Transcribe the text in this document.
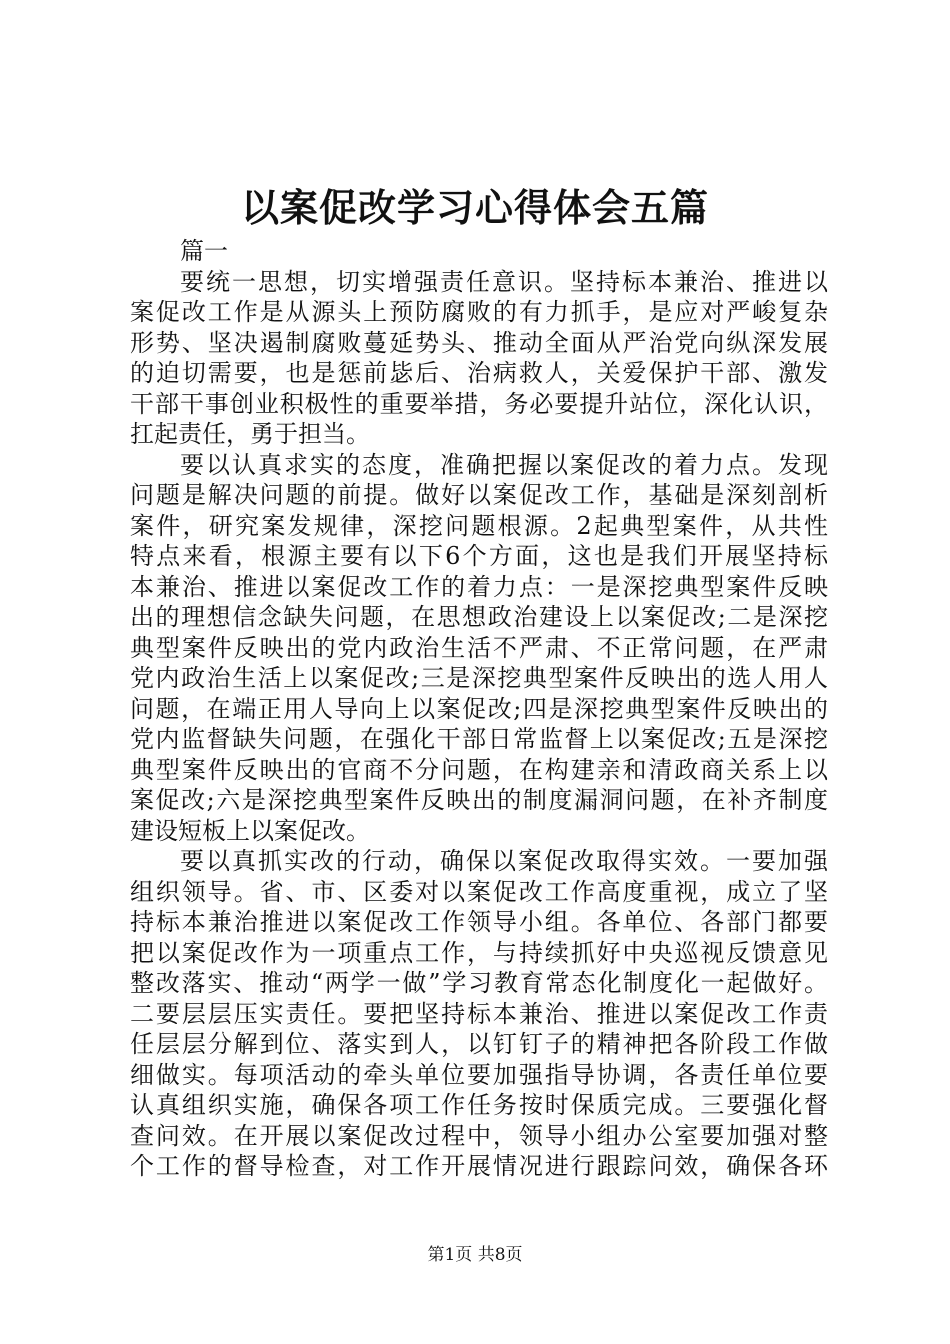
以案促改学习心得体会五篇
篇一
要统一思想，切实增强责任意识。坚持标本兼治、推进以
案促改工作是从源头上预防腐败的有力抓手，是应对严峻复杂
形势、坚决遏制腐败蔓延势头、推动全面从严治党向纵深发展
的迫切需要，也是惩前毖后、治病救人，关爱保护干部、激发
干部干事创业积极性的重要举措，务必要提升站位，深化认识，
扛起责任，勇于担当。
要以认真求实的态度，准确把握以案促改的着力点。发现
问题是解决问题的前提。做好以案促改工作，基础是深刻剖析
案件，研究案发规律，深挖问题根源。2起典型案件，从共性
特点来看，根源主要有以下6个方面，这也是我们开展坚持标
本兼治、推进以案促改工作的着力点：一是深挖典型案件反映
出的理想信念缺失问题，在思想政治建设上以案促改;二是深挖
典型案件反映出的党内政治生活不严肃、不正常问题，在严肃
党内政治生活上以案促改;三是深挖典型案件反映出的选人用人
问题，在端正用人导向上以案促改;四是深挖典型案件反映出的
党内监督缺失问题，在强化干部日常监督上以案促改;五是深挖
典型案件反映出的官商不分问题，在构建亲和清政商关系上以
案促改;六是深挖典型案件反映出的制度漏洞问题，在补齐制度
建设短板上以案促改。
要以真抓实改的行动，确保以案促改取得实效。一要加强
组织领导。省、市、区委对以案促改工作高度重视，成立了坚
持标本兼治推进以案促改工作领导小组。各单位、各部门都要
把以案促改作为一项重点工作，与持续抓好中央巡视反馈意见
整改落实、推动“两学一做”学习教育常态化制度化一起做好。
二要层层压实责任。要把坚持标本兼治、推进以案促改工作责
任层层分解到位、落实到人，以钉钉子的精神把各阶段工作做
细做实。每项活动的牵头单位要加强指导协调，各责任单位要
认真组织实施，确保各项工作任务按时保质完成。三要强化督
查问效。在开展以案促改过程中，领导小组办公室要加强对整
个工作的督导检查，对工作开展情况进行跟踪问效，确保各环
第1页 共8页
